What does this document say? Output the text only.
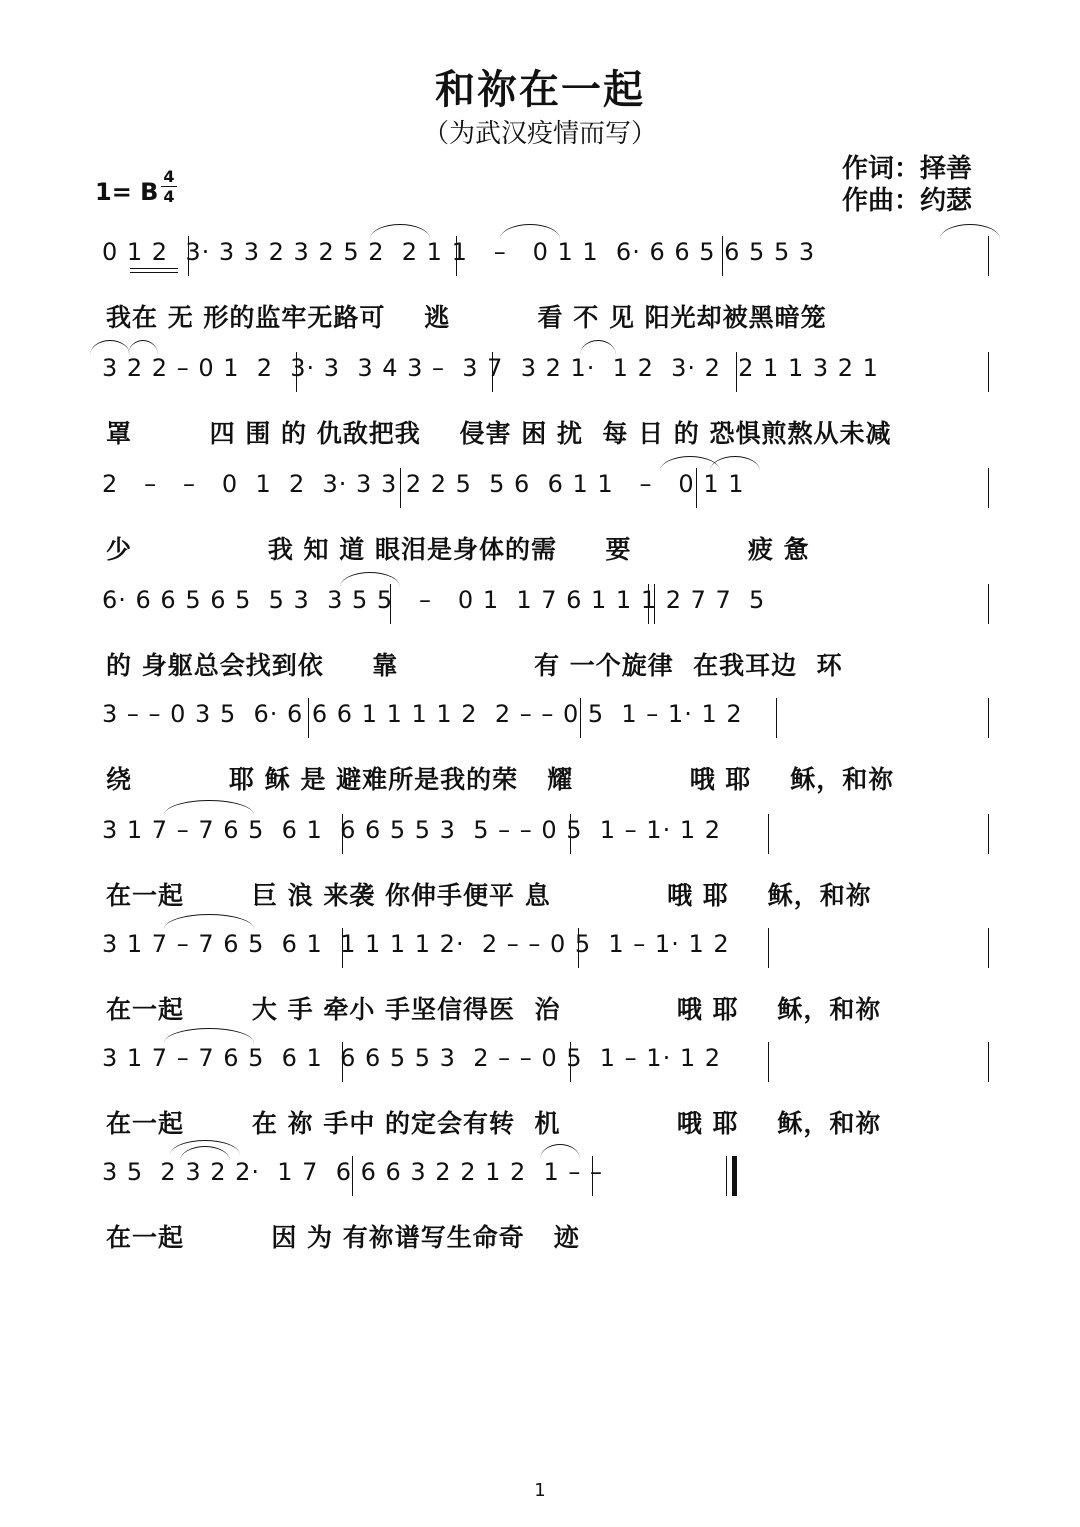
和祢在一起
（为武汉疫情而写）
作词：择善
作曲：约瑟
1= B
4
4
0 1 2  3· 3 3 2 3 2 5 2  2 1 1   –   0 1 1  6· 6 6 5 6 5 5 3
我在 无 形的监牢无路可    逃         看 不 见 阳光却被黑暗笼
3 2 2 – 0 1  2  3· 3  3 4 3 –  3 7  3 2 1·  1 2  3· 2  2 1 1 3 2 1
罩        四 围 的 仇敌把我    侵害 困 扰  每 日 的 恐惧煎熬从未减
2   –   –   0  1  2  3· 3 3 2 2 5  5 6  6 1 1   –   0 1 1
少              我 知 道 眼泪是身体的需     要            疲 惫
6· 6 6 5 6 5  5 3  3 5 5   –   0 1  1 7 6 1 1 1 2 7 7  5
的 身躯总会找到依     靠              有 一个旋律  在我耳边  环
3 – – 0 3 5  6· 6 6 6 1 1 1 1 2  2 – – 0 5  1 – 1· 1 2
绕          耶 稣 是 避难所是我的荣   耀            哦 耶    稣，和祢
3 1 7 – 7 6 5  6 1  6 6 5 5 3  5 – – 0 5  1 – 1· 1 2
在一起       巨 浪 来袭 你伸手便平 息            哦 耶    稣，和祢
3 1 7 – 7 6 5  6 1  1 1 1 1 2·  2 – – 0 5  1 – 1· 1 2
在一起       大 手 牵小 手坚信得医  治            哦 耶    稣，和祢
3 1 7 – 7 6 5  6 1  6 6 5 5 3  2 – – 0 5  1 – 1· 1 2
在一起       在 祢 手中 的定会有转  机            哦 耶    稣，和祢
3 5  2 3 2 2·  1 7  6 6 6 3 2 2 1 2  1 – –
在一起         因 为 有祢谱写生命奇   迹
1
